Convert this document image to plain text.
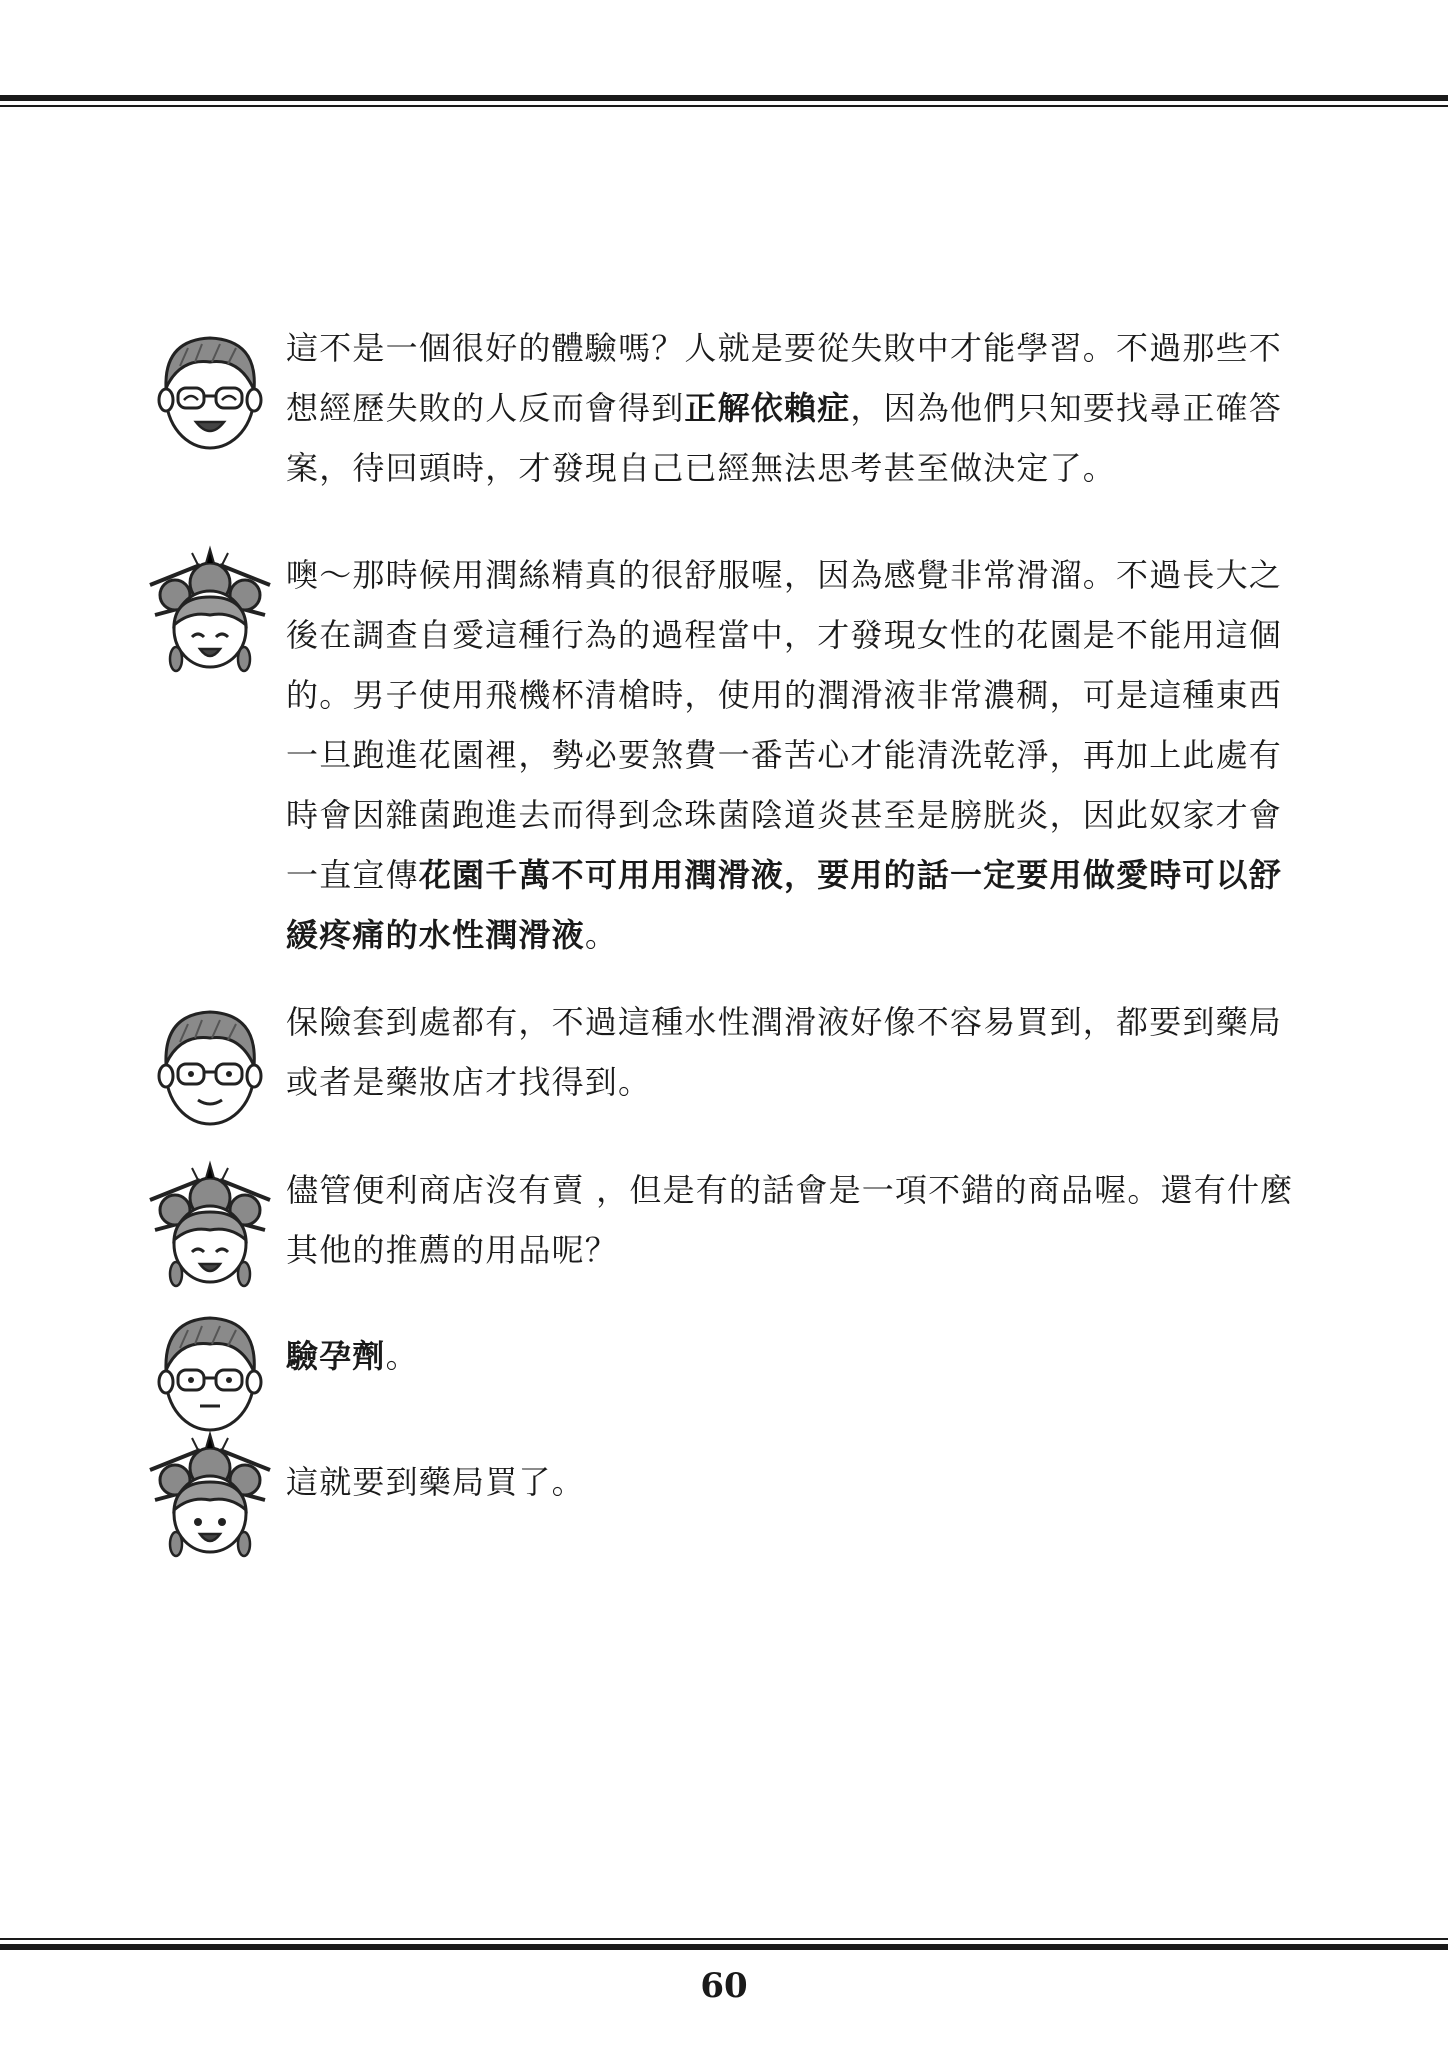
這不是一個很好的體驗嗎？人就是要從失敗中才能學習。不過那些不
想經歷失敗的人反而會得到正解依賴症，因為他們只知要找尋正確答
案，待回頭時，才發現自己已經無法思考甚至做決定了。
噢～那時候用潤絲精真的很舒服喔，因為感覺非常滑溜。不過長大之
後在調查自愛這種行為的過程當中，才發現女性的花園是不能用這個
的。男子使用飛機杯清槍時，使用的潤滑液非常濃稠，可是這種東西
一旦跑進花園裡，勢必要煞費一番苦心才能清洗乾淨，再加上此處有
時會因雜菌跑進去而得到念珠菌陰道炎甚至是膀胱炎，因此奴家才會
一直宣傳花園千萬不可用用潤滑液，要用的話一定要用做愛時可以舒
緩疼痛的水性潤滑液。
保險套到處都有，不過這種水性潤滑液好像不容易買到，都要到藥局
或者是藥妝店才找得到。
儘管便利商店沒有賣 ，但是有的話會是一項不錯的商品喔。還有什麼
其他的推薦的用品呢？
驗孕劑。
這就要到藥局買了。
60
